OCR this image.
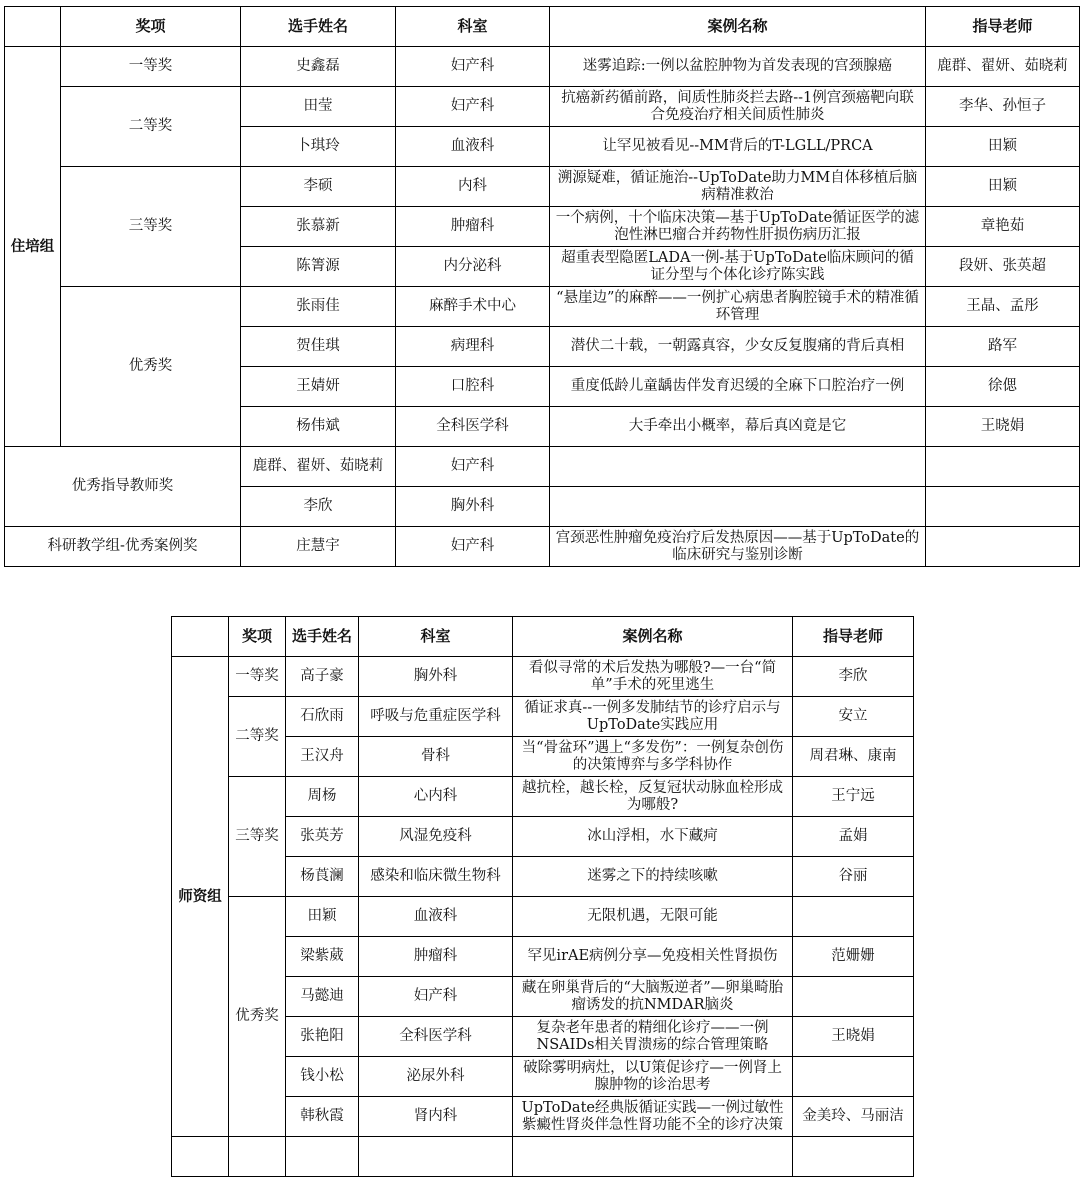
	奖项	选手姓名	科室	案例名称	指导老师
住培组	一等奖	史鑫磊	妇产科	迷雾追踪:一例以盆腔肿物为首发表现的宫颈腺癌	鹿群、翟妍、茹晓莉
	二等奖	田莹	妇产科	抗癌新药循前路，间质性肺炎拦去路--1例宫颈癌靶向联合免疫治疗相关间质性肺炎	李华、孙恒子
		卜琪玲	血液科	让罕见被看见--MM背后的T-LGLL/PRCA	田颖
	三等奖	李硕	内科	溯源疑难，循证施治--UpToDate助力MM自体移植后脑病精准救治	田颖
		张慕新	肿瘤科	一个病例，十个临床决策—基于UpToDate循证医学的滤泡性淋巴瘤合并药物性肝损伤病历汇报	章艳茹
		陈箐源	内分泌科	超重表型隐匿LADA一例-基于UpToDate临床顾问的循证分型与个体化诊疗陈实践	段妍、张英超
	优秀奖	张雨佳	麻醉手术中心	“悬崖边”的麻醉——一例扩心病患者胸腔镜手术的精准循环管理	王晶、孟彤
		贺佳琪	病理科	潜伏二十载，一朝露真容，少女反复腹痛的背后真相	路军
		王婧妍	口腔科	重度低龄儿童龋齿伴发育迟缓的全麻下口腔治疗一例	徐偲
		杨伟斌	全科医学科	大手牵出小概率，幕后真凶竟是它	王晓娟
优秀指导教师奖		鹿群、翟妍、茹晓莉	妇产科		
		李欣	胸外科		
科研教学组-优秀案例奖		庄慧宇	妇产科	宫颈恶性肿瘤免疫治疗后发热原因——基于UpToDate的临床研究与鉴别诊断	
	奖项	选手姓名	科室	案例名称	指导老师
师资组	一等奖	高子豪	胸外科	看似寻常的术后发热为哪般?—一台“简单”手术的死里逃生	李欣
	二等奖	石欣雨	呼吸与危重症医学科	循证求真--一例多发肺结节的诊疗启示与UpToDate实践应用	安立
		王汉舟	骨科	当“骨盆环”遇上“多发伤”：一例复杂创伤的决策博弈与多学科协作	周君琳、康南
	三等奖	周杨	心内科	越抗栓，越长栓，反复冠状动脉血栓形成为哪般?	王宁远
		张英芳	风湿免疫科	冰山浮相，水下藏疴	孟娟
		杨莨澜	感染和临床微生物科	迷雾之下的持续咳嗽	谷丽
	优秀奖	田颖	血液科	无限机遇，无限可能	
		梁紫葳	肿瘤科	罕见irAE病例分享—免疫相关性肾损伤	范姗姗
		马懿迪	妇产科	藏在卵巢背后的“大脑叛逆者”—卵巢畸胎瘤诱发的抗NMDAR脑炎	
		张艳阳	全科医学科	复杂老年患者的精细化诊疗——一例NSAIDs相关胃溃疡的综合管理策略	王晓娟
		钱小松	泌尿外科	破除雾明病灶，以U策促诊疗—一例肾上腺肿物的诊治思考	
		韩秋霞	肾内科	UpToDate经典版循证实践—一例过敏性紫癜性肾炎伴急性肾功能不全的诊疗决策	金美玲、马丽洁
